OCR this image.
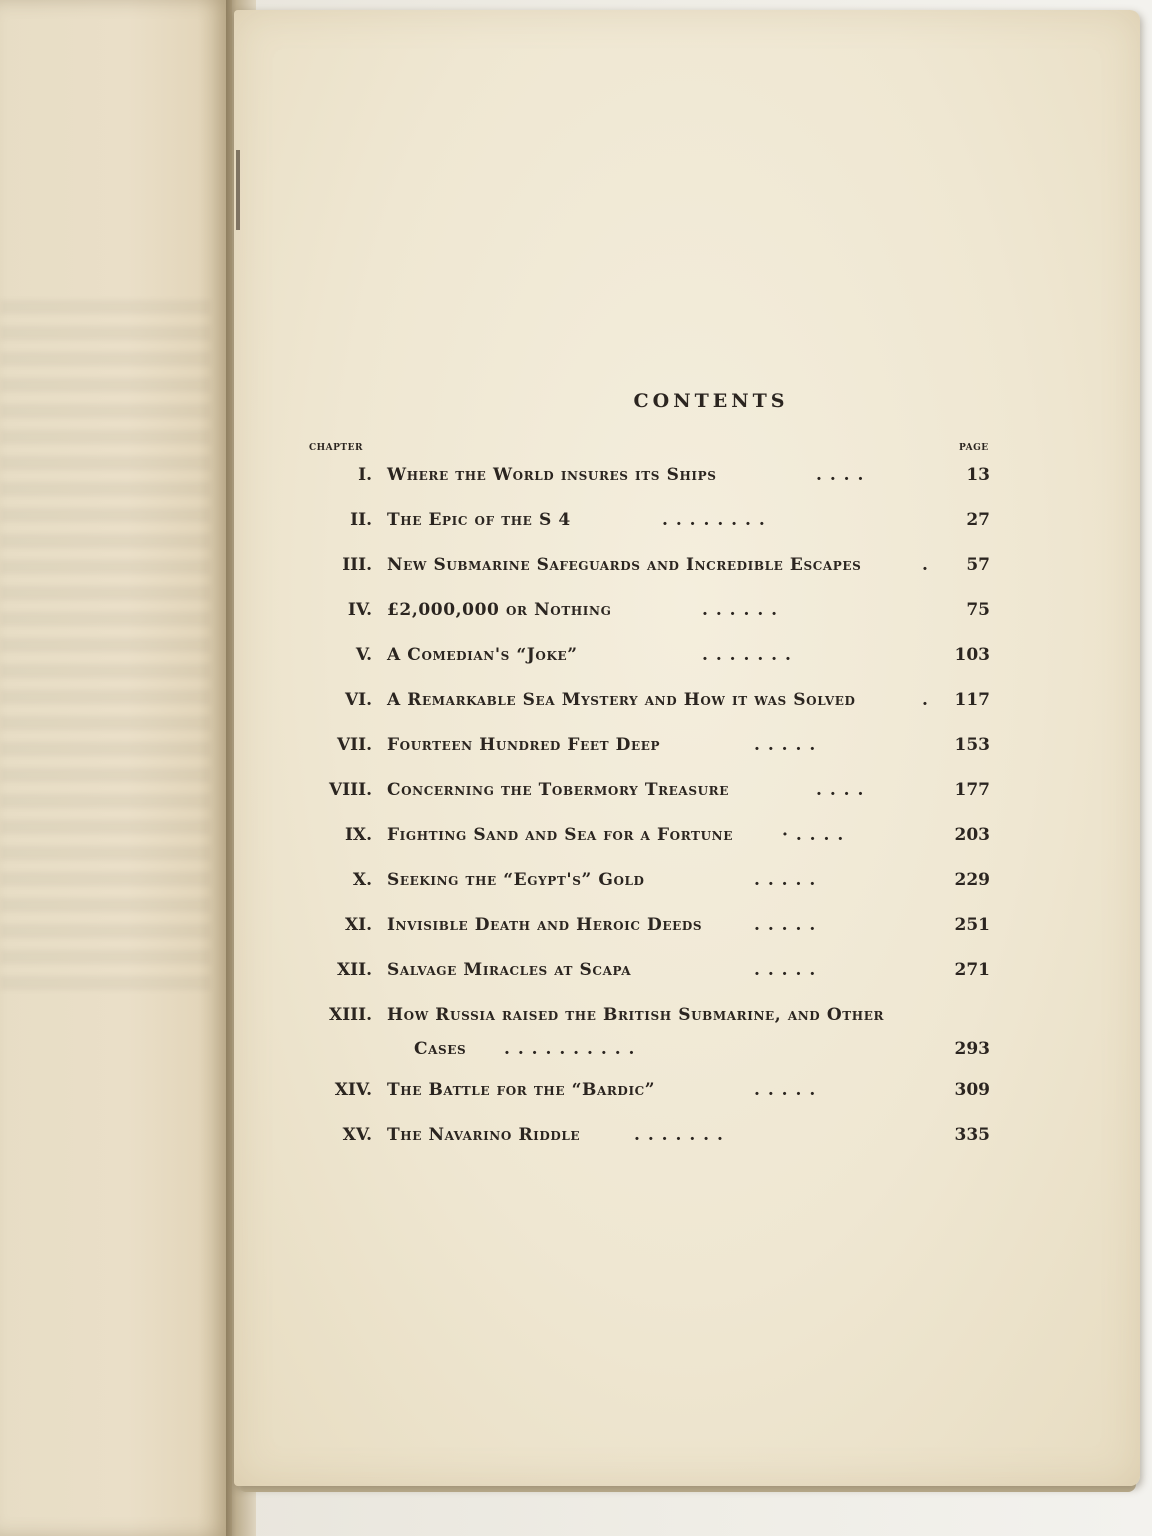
CONTENTS
CHAPTER	PAGE
I. Where the World insures its Ships	. . . .	13
II. The Epic of the S 4	. . . . . . . .	27
III. New Submarine Safeguards and Incredible Escapes	. 57
IV. £2,000,000 or Nothing	. . . . . .	75
V. A Comedian's “Joke”	. . . . . . .	103
VI. A Remarkable Sea Mystery and How it was Solved	. 117
VII. Fourteen Hundred Feet Deep	. . . . .	153
VIII. Concerning the Tobermory Treasure	. . . .	177
IX. Fighting Sand and Sea for a Fortune	· . . . .	203
X. Seeking the “Egypt's” Gold	. . . . .	229
XI. Invisible Death and Heroic Deeds	. . . . .	251
XII. Salvage Miracles at Scapa	. . . . .	271
XIII. How Russia raised the British Submarine, and Other
Cases . . . . . . . . . .	293
XIV. The Battle for the “Bardic”	. . . . .	309
XV. The Navarino Riddle	. . . . . . .	335
